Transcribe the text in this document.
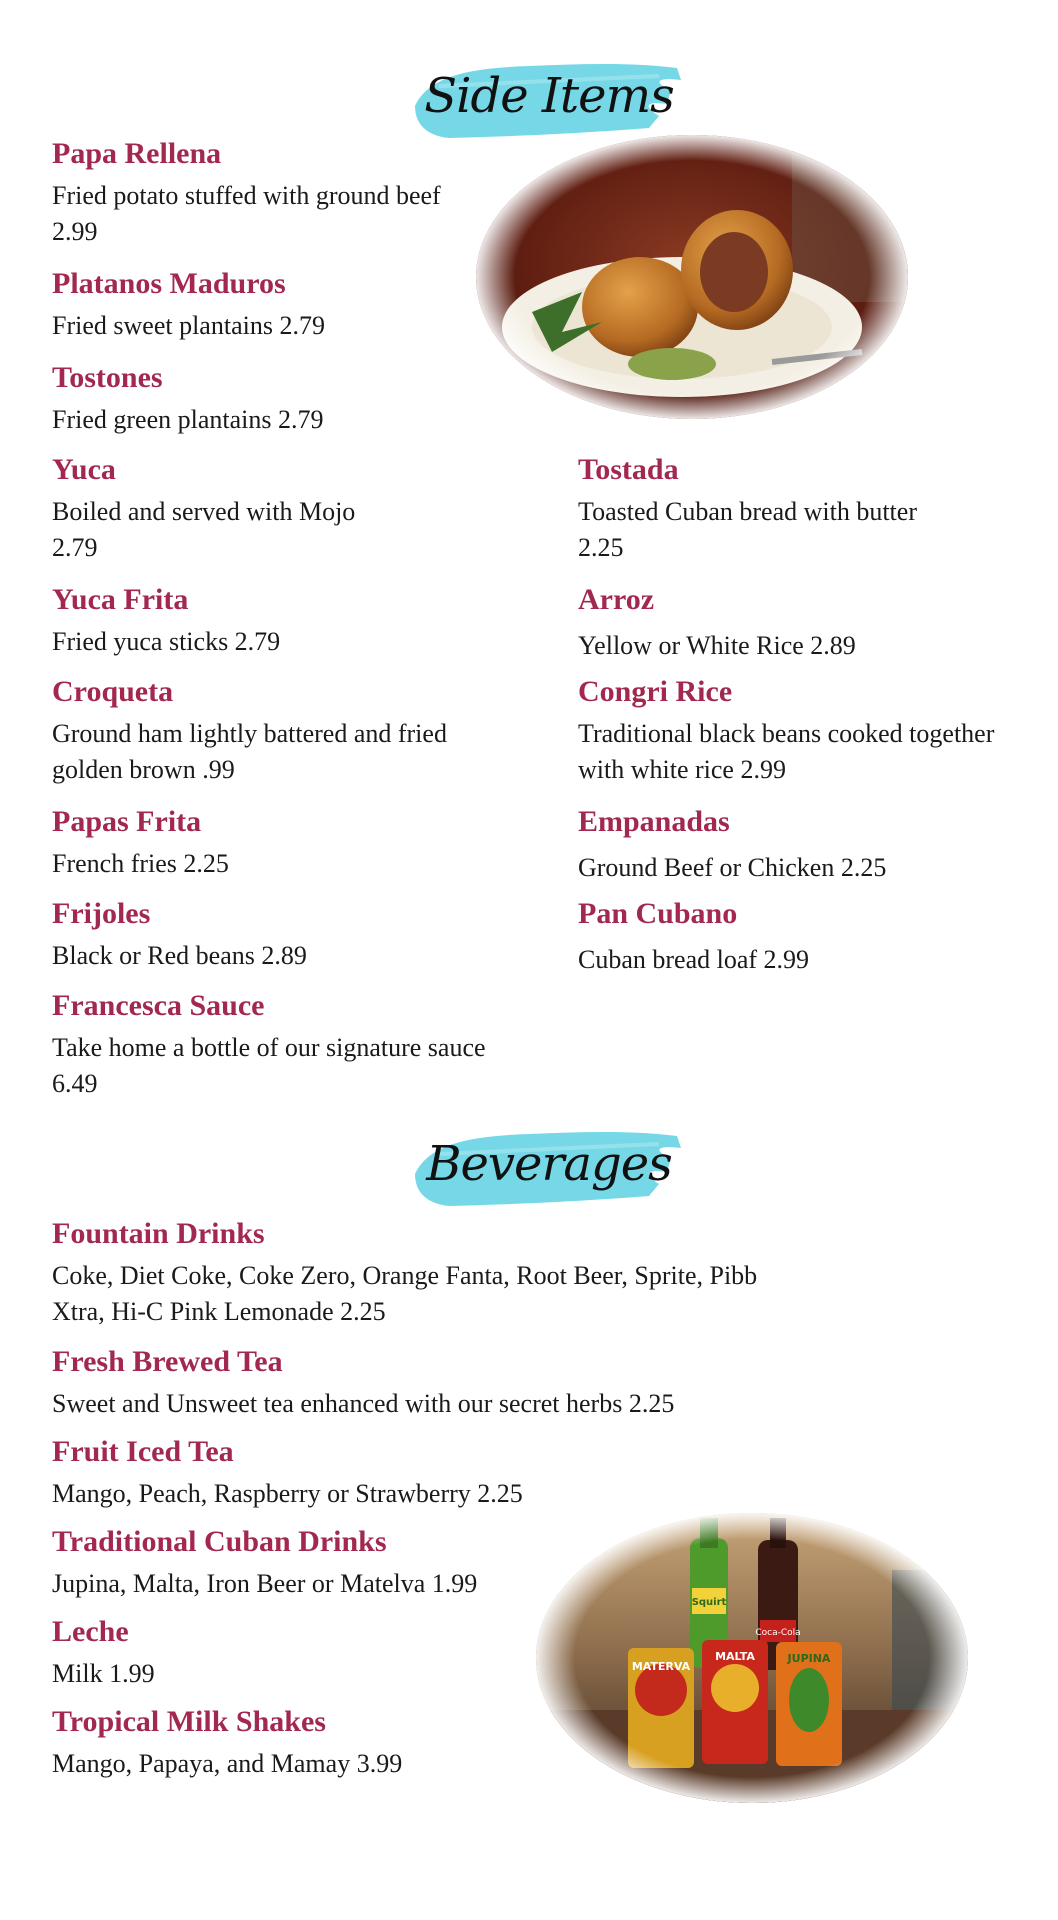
Side Items
Papa Rellena
Fried potato stuffed with ground beef 2.99
Platanos Maduros
Fried sweet plantains 2.79
Tostones
Fried green plantains 2.79
Yuca
Boiled and served with Mojo 2.79
Yuca Frita
Fried yuca sticks 2.79
Croqueta
Ground ham lightly battered and fried golden brown .99
Papas Frita
French fries 2.25
Frijoles
Black or Red beans 2.89
Francesca Sauce
Take home a bottle of our signature sauce 6.49
Tostada
Toasted Cuban bread with butter 2.25
Arroz
Yellow or White Rice 2.89
Congri Rice
Traditional black beans cooked together with white rice 2.99
Empanadas
Ground Beef or Chicken 2.25
Pan Cubano
Cuban bread loaf 2.99
Beverages
Fountain Drinks
Coke, Diet Coke, Coke Zero, Orange Fanta, Root Beer, Sprite, Pibb Xtra, Hi-C Pink Lemonade 2.25
Fresh Brewed Tea
Sweet and Unsweet tea enhanced with our secret herbs 2.25
Fruit Iced Tea
Mango, Peach, Raspberry or Strawberry 2.25
Traditional Cuban Drinks
Jupina, Malta, Iron Beer or Matelva 1.99
Leche
Milk 1.99
Tropical Milk Shakes
Mango, Papaya, and Mamay 3.99
